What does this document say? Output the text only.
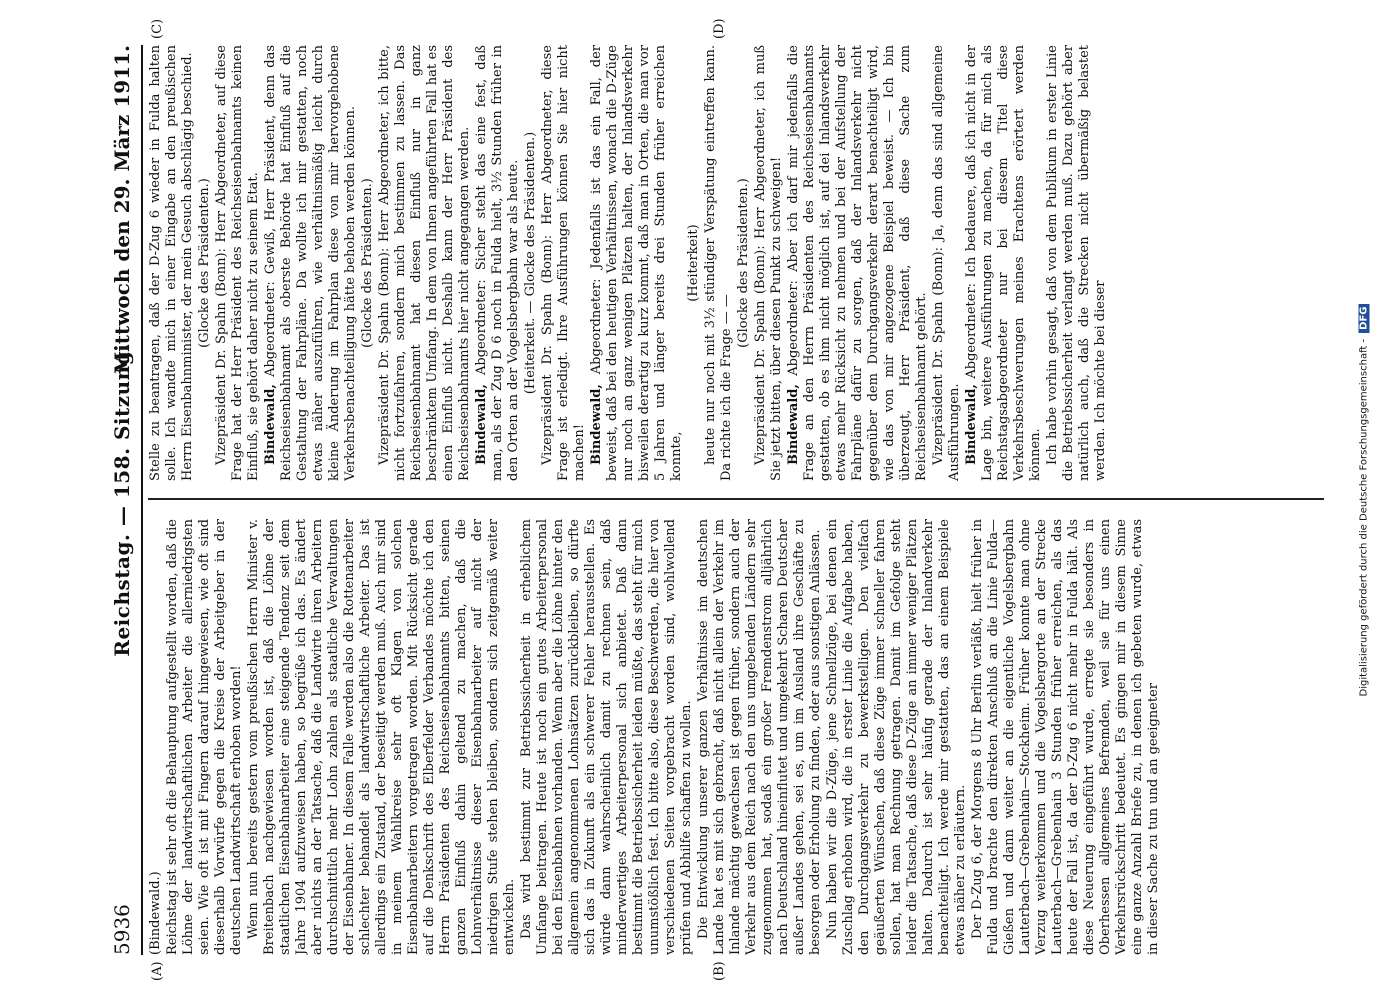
5936
Reichstag. — 158. Sitzung.
Mittwoch den 29. März 1911.
(A)	(B)
(C)	(D)

(Bindewald.) Reichstag ist sehr oft die Behauptung aufgestellt worden, daß die Löhne der landwirtschaftlichen Arbeiter die allerniedrigsten seien. Wie oft ist mit Fingern darauf hingewiesen, wie oft sind dieserhalb Vorwürfe gegen die Kreise der Arbeitgeber in der deutschen Landwirtschaft erhoben worden! Wenn nun bereits gestern vom preußischen Herrn Minister v. Breitenbach nachgewiesen worden ist, daß die Löhne der staatlichen Eisenbahnarbeiter eine steigende Tendenz seit dem Jahre 1904 aufzuweisen haben, so begrüße ich das. Es ändert aber nichts an der Tatsache, daß die Landwirte ihren Arbeitern durchschnittlich mehr Lohn zahlen als staatliche Verwaltungen der Eisenbahner. In diesem Falle werden also die Rottenarbeiter schlechter behandelt als landwirtschaftliche Arbeiter. Das ist allerdings ein Zustand, der beseitigt werden muß. Auch mir sind in meinem Wahlkreise sehr oft Klagen von solchen Eisenbahnarbeitern vorgetragen worden. Mit Rücksicht gerade auf die Denkschrift des Elberfelder Verbandes möchte ich den Herrn Präsidenten des Reichseisenbahnamts bitten, seinen ganzen Einfluß dahin geltend zu machen, daß die Lohnverhältnisse dieser Eisenbahnarbeiter auf nicht der niedrigen Stufe stehen bleiben, sondern sich zeitgemäß weiter entwickeln. Das wird bestimmt zur Betriebssicherheit in erheblichem Umfange beitragen. Heute ist noch ein gutes Arbeiterpersonal bei den Eisenbahnen vorhanden. Wenn aber die Löhne hinter den allgemein angenommenen Lohnsätzen zurückbleiben, so dürfte sich das in Zukunft als ein schwerer Fehler herausstellen. Es würde dann wahrscheinlich damit zu rechnen sein, daß minderwertiges Arbeiterpersonal sich anbietet. Daß dann bestimmt die Betriebssicherheit leiden müßte, das steht für mich unumstößlich fest. Ich bitte also, diese Beschwerden, die hier von verschiedenen Seiten vorgebracht worden sind, wohlwollend prüfen und Abhilfe schaffen zu wollen. Die Entwicklung unserer ganzen Verhältnisse im deutschen Lande hat es mit sich gebracht, daß nicht allein der Verkehr im Inlande mächtig gewachsen ist gegen früher, sondern auch der Verkehr aus dem Reich nach den uns umgebenden Ländern sehr zugenommen hat, sodaß ein großer Fremdenstrom alljährlich nach Deutschland hineinflutet und umgekehrt Scharen Deutscher außer Landes gehen, sei es, um im Ausland ihre Geschäfte zu besorgen oder Erholung zu finden, oder aus sonstigen Anlässen. Nun haben wir die D-Züge, jene Schnellzüge, bei denen ein Zuschlag erhoben wird, die in erster Linie die Aufgabe haben, den Durchgangsverkehr zu bewerkstelligen. Den vielfach geäußerten Wünschen, daß diese Züge immer schneller fahren sollen, hat man Rechnung getragen. Damit im Gefolge steht leider die Tatsache, daß diese D-Züge an immer weniger Plätzen halten. Dadurch ist sehr häufig gerade der Inlandverkehr benachteiligt. Ich werde mir gestatten, das an einem Beispiele etwas näher zu erläutern. Der D-Zug 6, der Morgens 8 Uhr Berlin verläßt, hielt früher in Fulda und brachte den direkten Anschluß an die Linie Fulda—Gießen und dann weiter an die eigentliche Vogelsbergbahn Lauterbach—Grebenhain—Stockheim. Früher konnte man ohne Verzug weiterkommen und die Vogelsbergorte an der Strecke Lauterbach—Grebenhain 3 Stunden früher erreichen, als das heute der Fall ist, da der D-Zug 6 nicht mehr in Fulda hält. Als diese Neuerung eingeführt wurde, erregte sie besonders in Oberhessen allgemeines Befremden, weil sie für uns einen Verkehrsrückschritt bedeutet. Es gingen mir in diesem Sinne eine ganze Anzahl Briefe zu, in denen ich gebeten wurde, etwas in dieser Sache zu tun und an geeigneter

Stelle zu beantragen, daß der D-Zug 6 wieder in Fulda halten solle. Ich wandte mich in einer Eingabe an den preußischen Herrn Eisenbahnminister, der mein Gesuch abschlägig beschied. (Glocke des Präsidenten.) Vizepräsident Dr. Spahn (Bonn): Herr Abgeordneter, auf diese Frage hat der Herr Präsident des Reichseisenbahnamts keinen Einfluß, sie gehört daher nicht zu seinem Etat. Bindewald, Abgeordneter: Gewiß, Herr Präsident, denn das Reichseisenbahnamt als oberste Behörde hat Einfluß auf die Gestaltung der Fahrpläne. Da wollte ich mir gestatten, noch etwas näher auszuführen, wie verhältnismäßig leicht durch kleine Änderung im Fahrplan diese von mir hervorgehobene Verkehrsbenachteiligung hätte behoben werden können. (Glocke des Präsidenten.) Vizepräsident Dr. Spahn (Bonn): Herr Abgeordneter, ich bitte, nicht fortzufahren, sondern mich bestimmen zu lassen. Das Reichseisenbahnamt hat diesen Einfluß nur in ganz beschränktem Umfang. In dem von Ihnen angeführten Fall hat es einen Einfluß nicht. Deshalb kann der Herr Präsident des Reichseisenbahnamts hier nicht angegangen werden. Bindewald, Abgeordneter: Sicher steht das eine fest, daß man, als der Zug D 6 noch in Fulda hielt, 3½ Stunden früher in den Orten an der Vogelsbergbahn war als heute. (Heiterkeit. — Glocke des Präsidenten.) Vizepräsident Dr. Spahn (Bonn): Herr Abgeordneter, diese Frage ist erledigt. Ihre Ausführungen können Sie hier nicht machen! Bindewald, Abgeordneter: Jedenfalls ist das ein Fall, der beweist, daß bei den heutigen Verhältnissen, wonach die D-Züge nur noch an ganz wenigen Plätzen halten, der Inlandsverkehr bisweilen derartig zu kurz kommt, daß man in Orten, die man vor 5 Jahren und länger bereits drei Stunden früher erreichen konnte,

(Heiterkeit) heute nur noch mit 3½ stündiger Verspätung eintreffen kann. Da richte ich die Frage — —

(Glocke des Präsidenten.) Vizepräsident Dr. Spahn (Bonn): Herr Abgeordneter, ich muß Sie jetzt bitten, über diesen Punkt zu schweigen! Bindewald, Abgeordneter: Aber ich darf mir jedenfalls die Frage an den Herrn Präsidenten des Reichseisenbahnamts gestatten, ob es ihm nicht möglich ist, auf dei Inlandsverkehr etwas mehr Rücksicht zu nehmen und bei der Aufstellung der Fahrpläne dafür zu sorgen, daß der Inlandsverkehr nicht gegenüber dem Durchgangsverkehr derart benachteiligt wird, wie das von mir angezogene Beispiel beweist. — Ich bin überzeugt, Herr Präsident, daß diese Sache zum Reichseisenbahnamt gehört. Vizepräsident Dr. Spahn (Bonn): Ja, denn das sind allgemeine Ausführungen. Bindewald, Abgeordneter: Ich bedauere, daß ich nicht in der Lage bin, weitere Ausführungen zu machen, da für mich als Reichstagsabgeordneter nur bei diesem Titel diese Verkehrsbeschwerungen meines Erachtens erörtert werden können. Ich habe vorhin gesagt, daß von dem Publikum in erster Linie die Betriebssicherheit verlangt werden muß. Dazu gehört aber natürlich auch, daß die Strecken nicht übermäßig belastet werden. Ich möchte bei dieser	Digitalisierung gefördert durch die Deutsche Forschungsgemeinschaft -DFG
